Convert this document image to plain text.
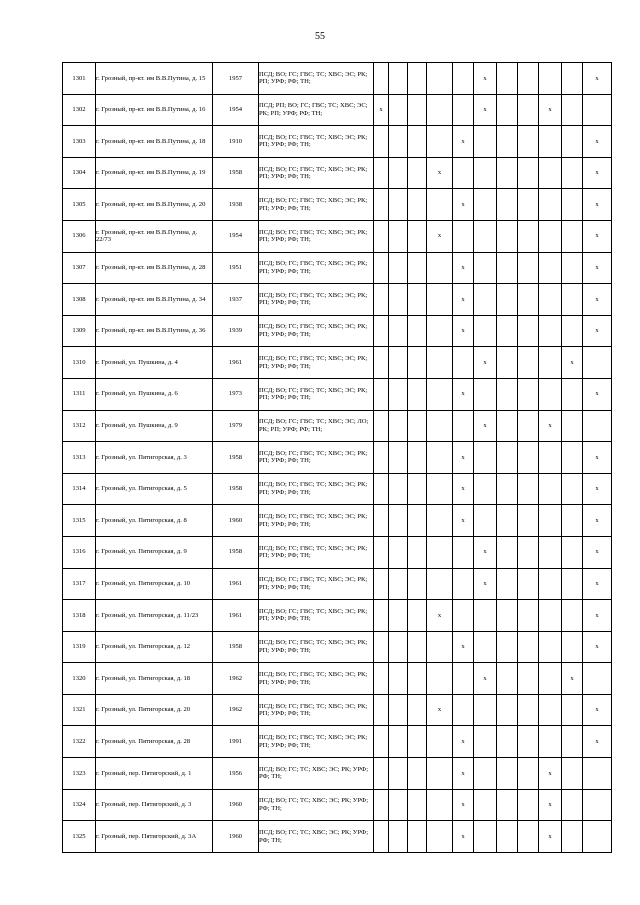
55
1301	г. Грозный, пр-кт. им В.В.Путина, д. 15	1957	ПСД; ВО; ГС; ГВС; ТС; ХВС; ЭС; РК; РП; УРФ; РФ; ТН;						x					x
1302	г. Грозный, пр-кт. им В.В.Путина, д. 16	1954	ПСД; РП; ВО; ГС; ГВС; ТС; ХВС; ЭС; РК; РП; УРФ; РФ; ТН;	x					x			x		
1303	г. Грозный, пр-кт. им В.В.Путина, д. 18	1910	ПСД; ВО; ГС; ГВС; ТС; ХВС; ЭС; РК; РП; УРФ; РФ; ТН;					x						x
1304	г. Грозный, пр-кт. им В.В.Путина, д. 19	1958	ПСД; ВО; ГС; ГВС; ТС; ХВС; ЭС; РК; РП; УРФ; РФ; ТН;				x							x
1305	г. Грозный, пр-кт. им В.В.Путина, д. 20	1938	ПСД; ВО; ГС; ГВС; ТС; ХВС; ЭС; РК; РП; УРФ; РФ; ТН;					x						x
1306	г. Грозный, пр-кт. им В.В.Путина, д. 22/73	1954	ПСД; ВО; ГС; ГВС; ТС; ХВС; ЭС; РК; РП; УРФ; РФ; ТН;				x							x
1307	г. Грозный, пр-кт. им В.В.Путина, д. 28	1951	ПСД; ВО; ГС; ГВС; ТС; ХВС; ЭС; РК; РП; УРФ; РФ; ТН;					x						x
1308	г. Грозный, пр-кт. им В.В.Путина, д. 34	1937	ПСД; ВО; ГС; ГВС; ТС; ХВС; ЭС; РК; РП; УРФ; РФ; ТН;					x						x
1309	г. Грозный, пр-кт. им В.В.Путина, д. 36	1939	ПСД; ВО; ГС; ГВС; ТС; ХВС; ЭС; РК; РП; УРФ; РФ; ТН;					x						x
1310	г. Грозный, ул. Пушкина, д. 4	1961	ПСД; ВО; ГС; ГВС; ТС; ХВС; ЭС; РК; РП; УРФ; РФ; ТН;						x				x	
1311	г. Грозный, ул. Пушкина, д. 6	1973	ПСД; ВО; ГС; ГВС; ТС; ХВС; ЭС; РК; РП; УРФ; РФ; ТН;					x						x
1312	г. Грозный, ул. Пушкина, д. 9	1979	ПСД; ВО; ГС; ГВС; ТС; ХВС; ЭС; ЛО; РК; РП; УРФ; РФ; ТН;						x			x		
1313	г. Грозный, ул. Пятигорская, д. 3	1958	ПСД; ВО; ГС; ГВС; ТС; ХВС; ЭС; РК; РП; УРФ; РФ; ТН;					x						x
1314	г. Грозный, ул. Пятигорская, д. 5	1958	ПСД; ВО; ГС; ГВС; ТС; ХВС; ЭС; РК; РП; УРФ; РФ; ТН;					x						x
1315	г. Грозный, ул. Пятигорская, д. 8	1960	ПСД; ВО; ГС; ГВС; ТС; ХВС; ЭС; РК; РП; УРФ; РФ; ТН;					x						x
1316	г. Грозный, ул. Пятигорская, д. 9	1958	ПСД; ВО; ГС; ГВС; ТС; ХВС; ЭС; РК; РП; УРФ; РФ; ТН;						x					x
1317	г. Грозный, ул. Пятигорская, д. 10	1961	ПСД; ВО; ГС; ГВС; ТС; ХВС; ЭС; РК; РП; УРФ; РФ; ТН;						x					x
1318	г. Грозный, ул. Пятигорская, д. 11/23	1961	ПСД; ВО; ГС; ГВС; ТС; ХВС; ЭС; РК; РП; УРФ; РФ; ТН;				x							x
1319	г. Грозный, ул. Пятигорская, д. 12	1958	ПСД; ВО; ГС; ГВС; ТС; ХВС; ЭС; РК; РП; УРФ; РФ; ТН;					x						x
1320	г. Грозный, ул. Пятигорская, д. 18	1962	ПСД; ВО; ГС; ГВС; ТС; ХВС; ЭС; РК; РП; УРФ; РФ; ТН;						x				x	
1321	г. Грозный, ул. Пятигорская, д. 20	1962	ПСД; ВО; ГС; ГВС; ТС; ХВС; ЭС; РК; РП; УРФ; РФ; ТН;				x							x
1322	г. Грозный, ул. Пятигорская, д. 28	1991	ПСД; ВО; ГС; ГВС; ТС; ХВС; ЭС; РК; РП; УРФ; РФ; ТН;					x						x
1323	г. Грозный, пер. Пятигорский, д. 1	1956	ПСД; ВО; ГС; ТС; ХВС; ЭС; РК; УРФ; РФ; ТН;					x				x		
1324	г. Грозный, пер. Пятигорский, д. 3	1960	ПСД; ВО; ГС; ТС; ХВС; ЭС; РК; УРФ; РФ; ТН;					x				x		
1325	г. Грозный, пер. Пятигорский, д. 3А	1960	ПСД; ВО; ГС; ТС; ХВС; ЭС; РК; УРФ; РФ; ТН;					x				x		
